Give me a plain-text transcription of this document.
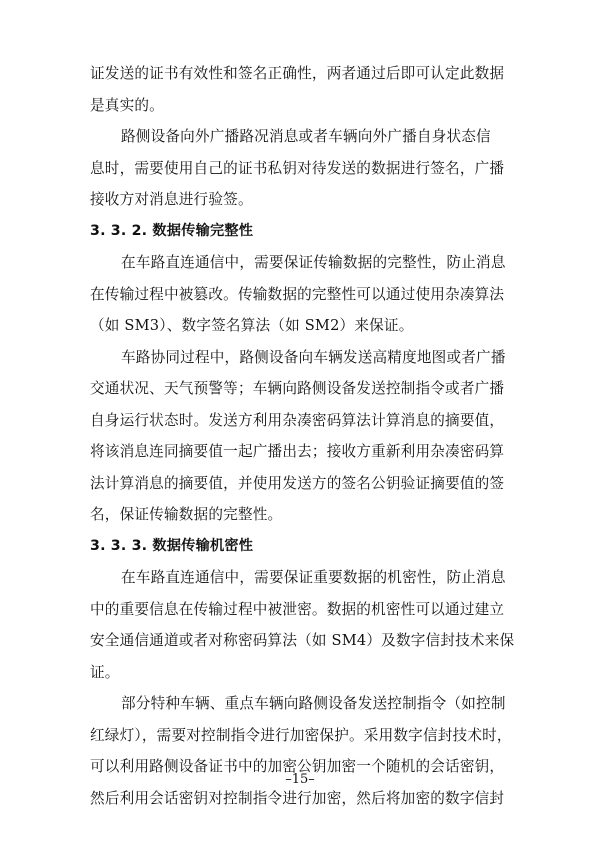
证发送的证书有效性和签名正确性，两者通过后即可认定此数据
是真实的。
路侧设备向外广播路况消息或者车辆向外广播自身状态信
息时，需要使用自己的证书私钥对待发送的数据进行签名，广播
接收方对消息进行验签。
3. 3. 2. 数据传输完整性
在车路直连通信中，需要保证传输数据的完整性，防止消息
在传输过程中被篡改。传输数据的完整性可以通过使用杂凑算法
（如 SM3）、数字签名算法（如 SM2）来保证。
车路协同过程中，路侧设备向车辆发送高精度地图或者广播
交通状况、天气预警等；车辆向路侧设备发送控制指令或者广播
自身运行状态时。发送方利用杂凑密码算法计算消息的摘要值，
将该消息连同摘要值一起广播出去；接收方重新利用杂凑密码算
法计算消息的摘要值，并使用发送方的签名公钥验证摘要值的签
名，保证传输数据的完整性。
3. 3. 3. 数据传输机密性
在车路直连通信中，需要保证重要数据的机密性，防止消息
中的重要信息在传输过程中被泄密。数据的机密性可以通过建立
安全通信通道或者对称密码算法（如 SM4）及数字信封技术来保
证。
部分特种车辆、重点车辆向路侧设备发送控制指令（如控制
红绿灯），需要对控制指令进行加密保护。采用数字信封技术时，
可以利用路侧设备证书中的加密公钥加密一个随机的会话密钥，
然后利用会话密钥对控制指令进行加密，然后将加密的数字信封
–15–
